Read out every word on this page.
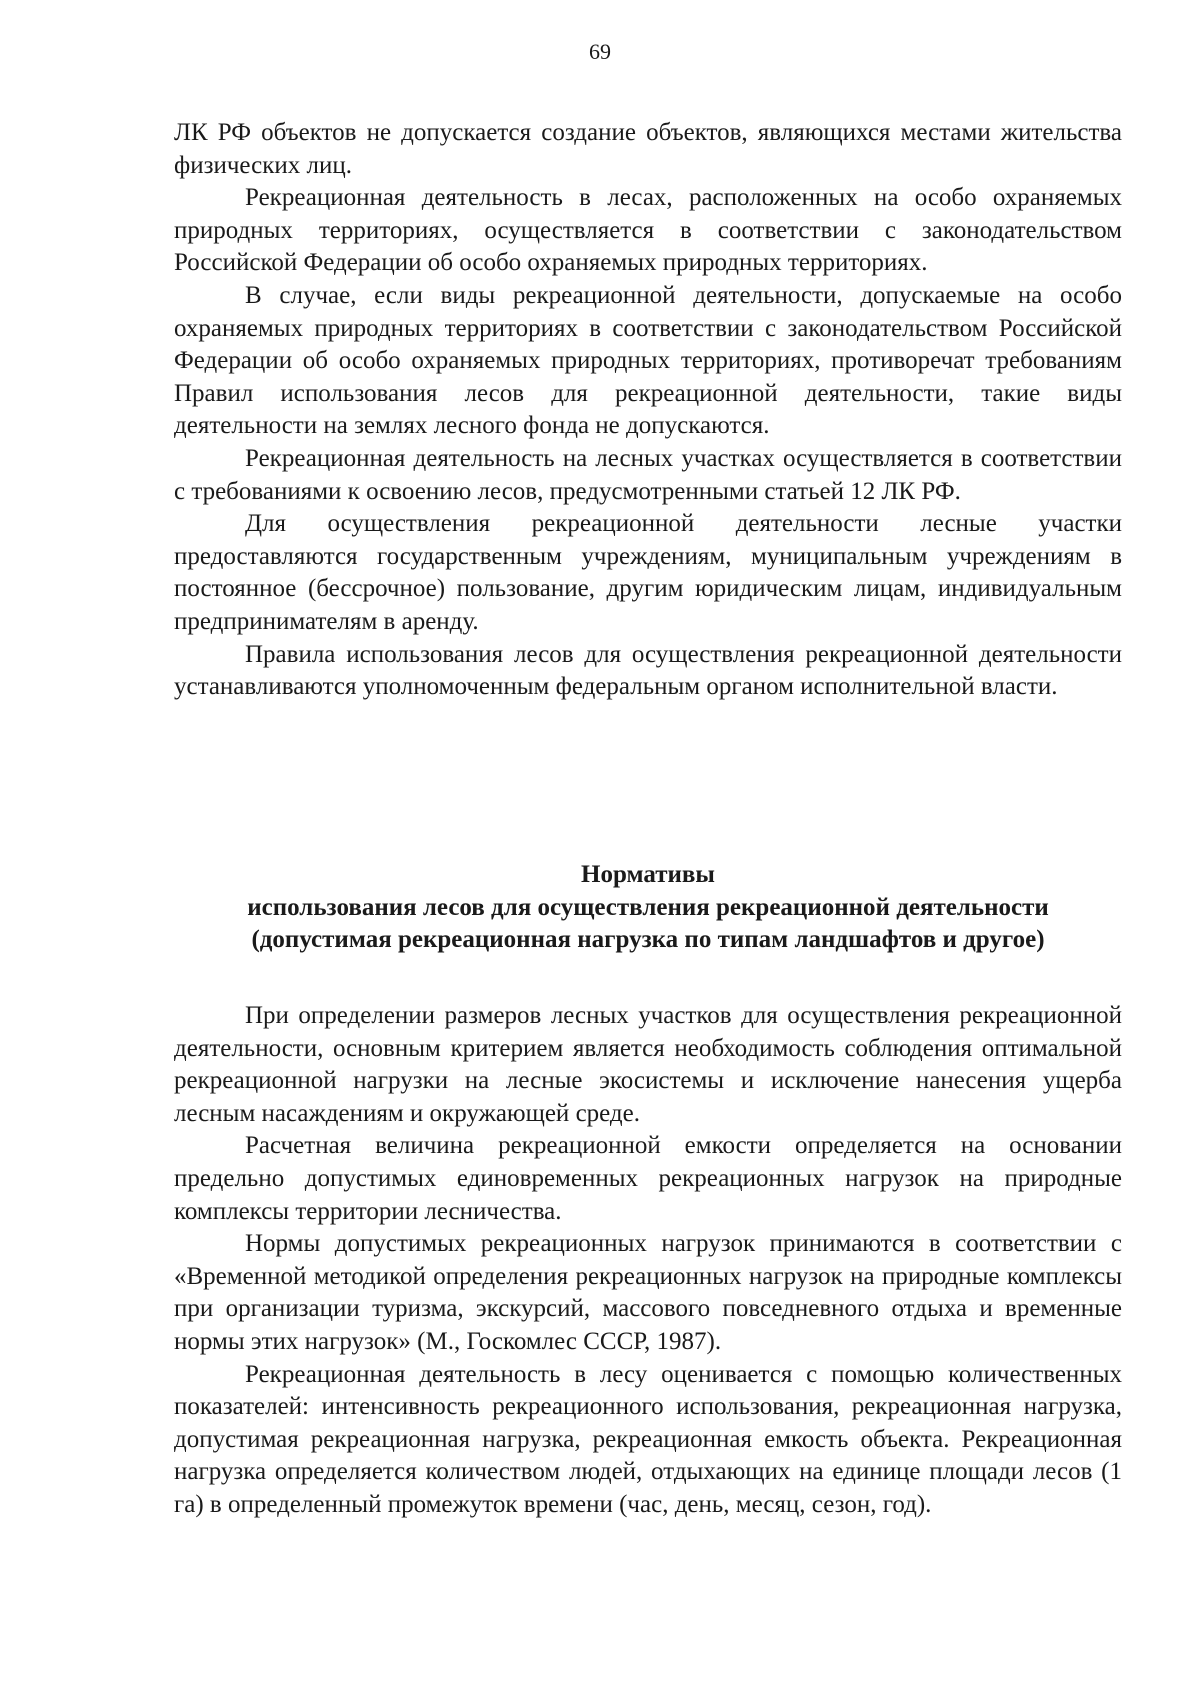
69

ЛК РФ объектов не допускается создание объектов, являющихся местами жительства физических лиц.

Рекреационная деятельность в лесах, расположенных на особо охраняемых природных территориях, осуществляется в соответствии с законодательством Российской Федерации об особо охраняемых природных территориях.

В случае, если виды рекреационной деятельности, допускаемые на особо охраняемых природных территориях в соответствии с законодательством Российской Федерации об особо охраняемых природных территориях, противоречат требованиям Правил использования лесов для рекреационной деятельности, такие виды деятельности на землях лесного фонда не допускаются.

Рекреационная деятельность на лесных участках осуществляется в соответствии с требованиями к освоению лесов, предусмотренными статьей 12 ЛК РФ.

Для осуществления рекреационной деятельности лесные участки предоставляются государственным учреждениям, муниципальным учреждениям в постоянное (бессрочное) пользование, другим юридическим лицам, индивидуальным предпринимателям в аренду.

Правила использования лесов для осуществления рекреационной деятельности устанавливаются уполномоченным федеральным органом исполнительной власти.

Нормативы
использования лесов для осуществления рекреационной деятельности
(допустимая рекреационная нагрузка по типам ландшафтов и другое)

При определении размеров лесных участков для осуществления рекреационной деятельности, основным критерием является необходимость соблюдения оптимальной рекреационной нагрузки на лесные экосистемы и исключение нанесения ущерба лесным насаждениям и окружающей среде.

Расчетная величина рекреационной емкости определяется на основании предельно допустимых единовременных рекреационных нагрузок на природные комплексы территории лесничества.

Нормы допустимых рекреационных нагрузок принимаются в соответствии с «Временной методикой определения рекреационных нагрузок на природные комплексы при организации туризма, экскурсий, массового повседневного отдыха и временные нормы этих нагрузок» (М., Госкомлес СССР, 1987).

Рекреационная деятельность в лесу оценивается с помощью количественных показателей: интенсивность рекреационного использования, рекреационная нагрузка, допустимая рекреационная нагрузка, рекреационная емкость объекта. Рекреационная нагрузка определяется количеством людей, отдыхающих на единице площади лесов (1 га) в определенный промежуток времени (час, день, месяц, сезон, год).
